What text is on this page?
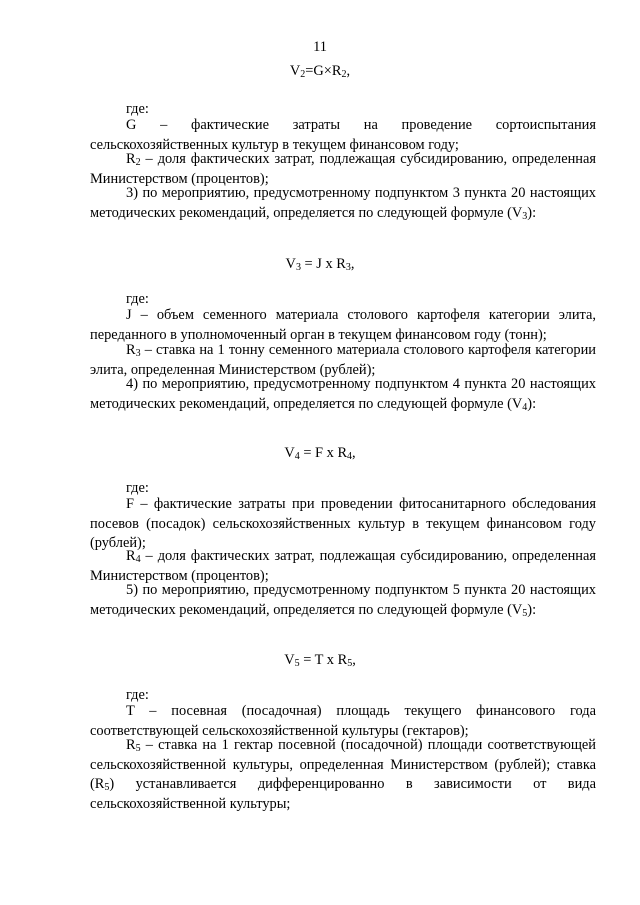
11
$V_2=G\times R_2$,
где:
G – фактические затраты на проведение сортоиспытания сельскохозяйственных культур в текущем финансовом году;
$R_2$ – доля фактических затрат, подлежащая субсидированию, определенная Министерством (процентов);
3) по мероприятию, предусмотренному подпунктом 3 пункта 20 настоящих методических рекомендаций, определяется по следующей формуле $(V_3)$:
$V_3 = J$ x $R_3$,
где:
J – объем семенного материала столового картофеля категории элита, переданного в уполномоченный орган в текущем финансовом году (тонн);
$R_3$ – ставка на 1 тонну семенного материала столового картофеля категории элита, определенная Министерством (рублей);
4) по мероприятию, предусмотренному подпунктом 4 пункта 20 настоящих методических рекомендаций, определяется по следующей формуле $(V_4)$:
$V_4 = F$ x $R_4$,
где:
F – фактические затраты при проведении фитосанитарного обследования посевов (посадок) сельскохозяйственных культур в текущем финансовом году (рублей);
$R_4$ – доля фактических затрат, подлежащая субсидированию, определенная Министерством (процентов);
5) по мероприятию, предусмотренному подпунктом 5 пункта 20 настоящих методических рекомендаций, определяется по следующей формуле $(V_5)$:
$V_5 = T$ x $R_5$,
где:
T – посевная (посадочная) площадь текущего финансового года соответствующей сельскохозяйственной культуры (гектаров);
$R_5$ – ставка на 1 гектар посевной (посадочной) площади соответствующей сельскохозяйственной культуры, определенная Министерством (рублей); ставка $(R_5)$ устанавливается дифференцированно в зависимости от вида сельскохозяйственной культуры;
